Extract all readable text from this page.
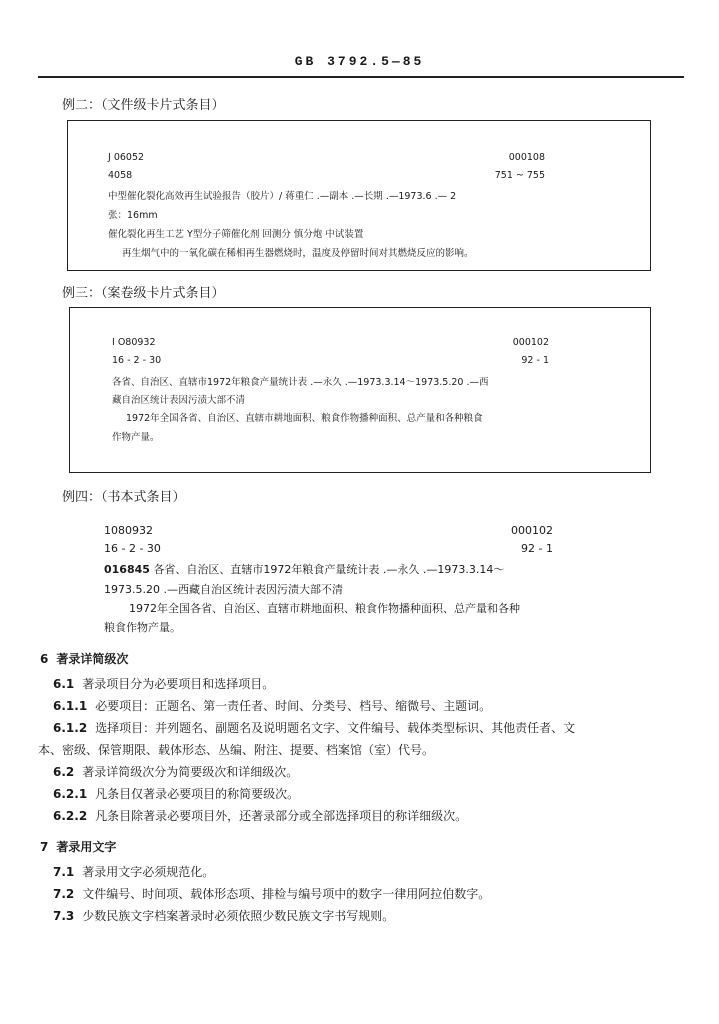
GB 3792.5—85
例二：（文件级卡片式条目）
J 06052	000108
4058	751 ~ 755
中型催化裂化高效再生试验报告（胶片）/ 蒋重仁 .—副本 .—长期 .—1973.6 .— 2
张：16mm
催化裂化再生工艺 Y型分子筛催化剂 回测分 慎分炮 中试装置
再生烟气中的一氧化碳在稀相再生器燃烧时，温度及停留时间对其燃烧反应的影响。
例三：（案卷级卡片式条目）
I O80932	000102
16 - 2 - 30	92 - 1
各省、自治区、直辖市1972年粮食产量统计表 .—永久 .—1973.3.14～1973.5.20 .—西
藏自治区统计表因污渍大部不清
1972年全国各省、自治区、直辖市耕地面积、粮食作物播种面积、总产量和各种粮食
作物产量。
例四：（书本式条目）
1080932	000102
16 - 2 - 30	92 - 1
016845 各省、自治区、直辖市1972年粮食产量统计表 .—永久 .—1973.3.14～
1973.5.20 .—西藏自治区统计表因污渍大部不清
1972年全国各省、自治区、直辖市耕地面积、粮食作物播种面积、总产量和各种
粮食作物产量。
6 著录详简级次
6.1 著录项目分为必要项目和选择项目。
6.1.1 必要项目：正题名、第一责任者、时间、分类号、档号、缩微号、主题词。
6.1.2 选择项目：并列题名、副题名及说明题名文字、文件编号、载体类型标识、其他责任者、文
本、密级、保管期限、载体形态、丛编、附注、提要、档案馆（室）代号。
6.2 著录详简级次分为简要级次和详细级次。
6.2.1 凡条目仅著录必要项目的称简要级次。
6.2.2 凡条目除著录必要项目外，还著录部分或全部选择项目的称详细级次。
7 著录用文字
7.1 著录用文字必须规范化。
7.2 文件编号、时间项、载体形态项、排检与编号项中的数字一律用阿拉伯数字。
7.3 少数民族文字档案著录时必须依照少数民族文字书写规则。
